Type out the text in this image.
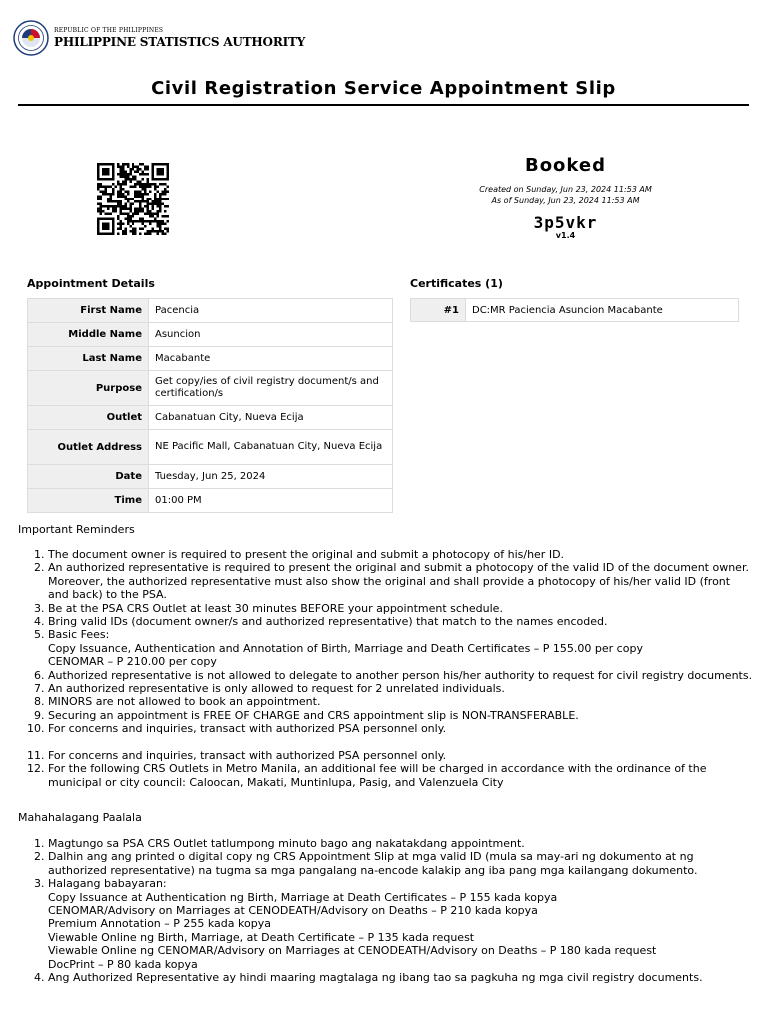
REPUBLIC OF THE PHILIPPINES
PHILIPPINE STATISTICS AUTHORITY
Civil Registration Service Appointment Slip
Booked
Created on Sunday, Jun 23, 2024 11:53 AM
As of Sunday, Jun 23, 2024 11:53 AM
3p5vkr
v1.4
Appointment Details	Certificates (1)
First Name	Pacencia
Middle Name	Asuncion
Last Name	Macabante
Purpose	Get copy/ies of civil registry document/s and certification/s
Outlet	Cabanatuan City, Nueva Ecija
Outlet Address	NE Pacific Mall, Cabanatuan City, Nueva Ecija
Date	Tuesday, Jun 25, 2024
Time	01:00 PM
#1	DC:MR Paciencia Asuncion Macabante
Important Reminders
1. The document owner is required to present the original and submit a photocopy of his/her ID.
2. An authorized representative is required to present the original and submit a photocopy of the valid ID of the document owner. Moreover, the authorized representative must also show the original and shall provide a photocopy of his/her valid ID (front and back) to the PSA.
3. Be at the PSA CRS Outlet at least 30 minutes BEFORE your appointment schedule.
4. Bring valid IDs (document owner/s and authorized representative) that match to the names encoded.
5. Basic Fees:
Copy Issuance, Authentication and Annotation of Birth, Marriage and Death Certificates – P 155.00 per copy
CENOMAR – P 210.00 per copy
6. Authorized representative is not allowed to delegate to another person his/her authority to request for civil registry documents.
7. An authorized representative is only allowed to request for 2 unrelated individuals.
8. MINORS are not allowed to book an appointment.
9. Securing an appointment is FREE OF CHARGE and CRS appointment slip is NON-TRANSFERABLE.
10. For concerns and inquiries, transact with authorized PSA personnel only.
11. For concerns and inquiries, transact with authorized PSA personnel only.
12. For the following CRS Outlets in Metro Manila, an additional fee will be charged in accordance with the ordinance of the municipal or city council: Caloocan, Makati, Muntinlupa, Pasig, and Valenzuela City
Mahahalagang Paalala
1. Magtungo sa PSA CRS Outlet tatlumpong minuto bago ang nakatakdang appointment.
2. Dalhin ang ang printed o digital copy ng CRS Appointment Slip at mga valid ID (mula sa may-ari ng dokumento at ng authorized representative) na tugma sa mga pangalang na-encode kalakip ang iba pang mga kailangang dokumento.
3. Halagang babayaran:
Copy Issuance at Authentication ng Birth, Marriage at Death Certificates – P 155 kada kopya
CENOMAR/Advisory on Marriages at CENODEATH/Advisory on Deaths – P 210 kada kopya
Premium Annotation – P 255 kada kopya
Viewable Online ng Birth, Marriage, at Death Certificate – P 135 kada request
Viewable Online ng CENOMAR/Advisory on Marriages at CENODEATH/Advisory on Deaths – P 180 kada request
DocPrint – P 80 kada kopya
4. Ang Authorized Representative ay hindi maaring magtalaga ng ibang tao sa pagkuha ng mga civil registry documents.
